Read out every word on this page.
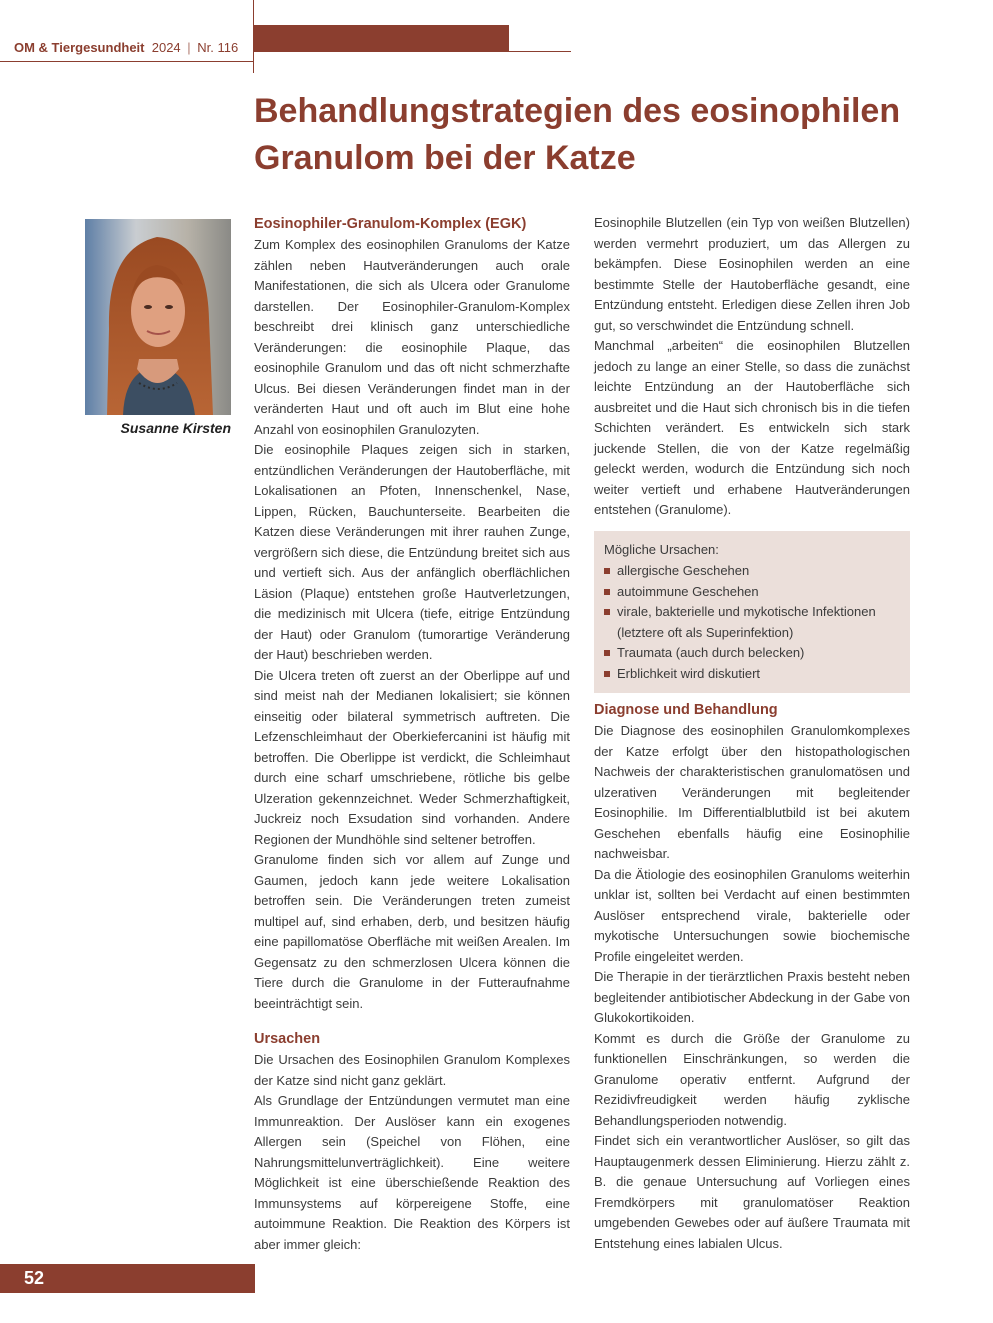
OM & Tiergesundheit 2024 | Nr. 116
Behandlungstrategien des eosinophilen
Granulom bei der Katze
Susanne Kirsten
Eosinophiler-Granulom-Komplex (EGK)

Zum Komplex des eosinophilen Granuloms der Katze zählen neben Hautveränderungen auch orale Manifestationen, die sich als Ulcera oder Granulome darstellen. Der Eosinophiler-Granulom-Komplex beschreibt drei klinisch ganz unterschiedliche Veränderungen: die eosinophile Plaque, das eosinophile Granulom und das oft nicht schmerzhafte Ulcus. Bei diesen Veränderungen findet man in der veränderten Haut und oft auch im Blut eine hohe Anzahl von eosinophilen Granulozyten.

Die eosinophile Plaques zeigen sich in starken, entzündlichen Veränderungen der Hautoberfläche, mit Lokalisationen an Pfoten, Innenschenkel, Nase, Lippen, Rücken, Bauchunterseite. Bearbeiten die Katzen diese Veränderungen mit ihrer rauhen Zunge, vergrößern sich diese, die Entzündung breitet sich aus und vertieft sich. Aus der anfänglich oberflächlichen Läsion (Plaque) entstehen große Hautverletzungen, die medizinisch mit Ulcera (tiefe, eitrige Entzündung der Haut) oder Granulom (tumorartige Veränderung der Haut) beschrieben werden.

Die Ulcera treten oft zuerst an der Oberlippe auf und sind meist nah der Medianen lokalisiert; sie können einseitig oder bilateral symmetrisch auftreten. Die Lefzenschleimhaut der Oberkiefercanini ist häufig mit betroffen. Die Oberlippe ist verdickt, die Schleimhaut durch eine scharf umschriebene, rötliche bis gelbe Ulzeration gekennzeichnet. Weder Schmerzhaftigkeit, Juckreiz noch Exsudation sind vorhanden. Andere Regionen der Mundhöhle sind seltener betroffen.

Granulome finden sich vor allem auf Zunge und Gaumen, jedoch kann jede weitere Lokalisation betroffen sein. Die Veränderungen treten zumeist multipel auf, sind erhaben, derb, und besitzen häufig eine papillomatöse Oberfläche mit weißen Arealen. Im Gegensatz zu den schmerzlosen Ulcera können die Tiere durch die Granulome in der Futteraufnahme beeinträchtigt sein.

Ursachen

Die Ursachen des Eosinophilen Granulom Komplexes der Katze sind nicht ganz geklärt.

Als Grundlage der Entzündungen vermutet man eine Immunreaktion. Der Auslöser kann ein exogenes Allergen sein (Speichel von Flöhen, eine Nahrungsmittelunverträglichkeit). Eine weitere Möglichkeit ist eine überschießende Reaktion des Immunsystems auf körpereigene Stoffe, eine autoimmune Reaktion. Die Reaktion des Körpers ist aber immer gleich:

Eosinophile Blutzellen (ein Typ von weißen Blutzellen) werden vermehrt produziert, um das Allergen zu bekämpfen. Diese Eosinophilen werden an eine bestimmte Stelle der Hautoberfläche gesandt, eine Entzündung entsteht. Erledigen diese Zellen ihren Job gut, so verschwindet die Entzündung schnell.

Manchmal „arbeiten“ die eosinophilen Blutzellen jedoch zu lange an einer Stelle, so dass die zunächst leichte Entzündung an der Hautoberfläche sich ausbreitet und die Haut sich chronisch bis in die tiefen Schichten verändert. Es entwickeln sich stark juckende Stellen, die von der Katze regelmäßig geleckt werden, wodurch die Entzündung sich noch weiter vertieft und erhabene Hautveränderungen entstehen (Granulome).

Mögliche Ursachen:

allergische Geschehen
autoimmune Geschehen
virale, bakterielle und mykotische Infektionen (letztere oft als Superinfektion)
Traumata (auch durch belecken)
Erblichkeit wird diskutiert
Diagnose und Behandlung

Die Diagnose des eosinophilen Granulomkomplexes der Katze erfolgt über den histopathologischen Nachweis der charakteristischen granulomatösen und ulzerativen Veränderungen mit begleitender Eosinophilie. Im Differentialblutbild ist bei akutem Geschehen ebenfalls häufig eine Eosinophilie nachweisbar.

Da die Ätiologie des eosinophilen Granuloms weiterhin unklar ist, sollten bei Verdacht auf einen bestimmten Auslöser entsprechend virale, bakterielle oder mykotische Untersuchungen sowie biochemische Profile eingeleitet werden.

Die Therapie in der tierärztlichen Praxis besteht neben begleitender antibiotischer Abdeckung in der Gabe von Glukokortikoiden.

Kommt es durch die Größe der Granulome zu funktionellen Einschränkungen, so werden die Granulome operativ entfernt. Aufgrund der Rezidivfreudigkeit werden häufig zyklische Behandlungsperioden notwendig.

Findet sich ein verantwortlicher Auslöser, so gilt das Hauptaugenmerk dessen Eliminierung. Hierzu zählt z. B. die genaue Untersuchung auf Vorliegen eines Fremdkörpers mit granulomatöser Reaktion umgebenden Gewebes oder auf äußere Traumata mit Entstehung eines labialen Ulcus.

52
